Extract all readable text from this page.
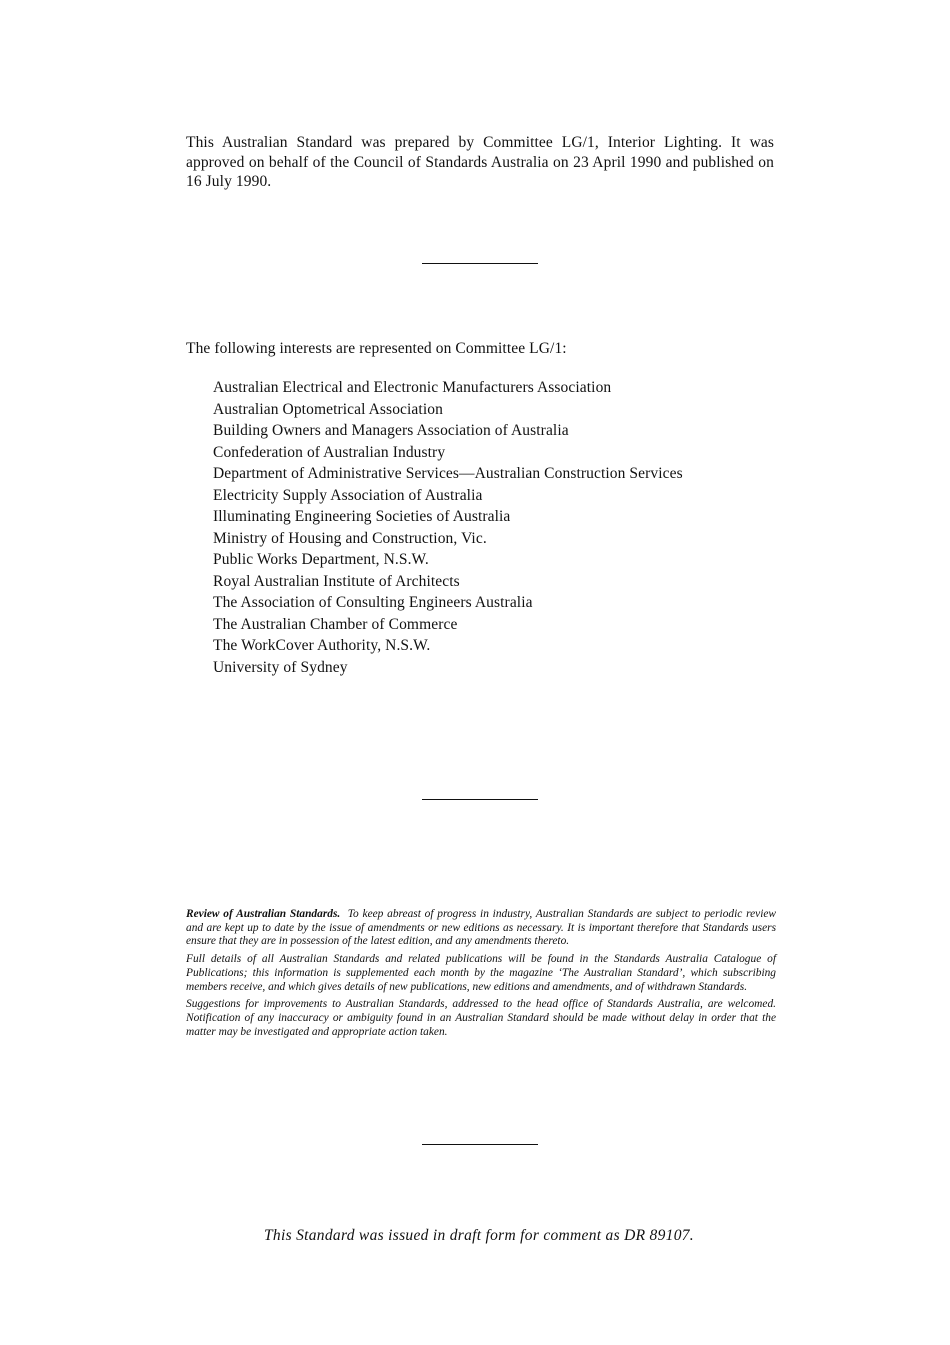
This Australian Standard was prepared by Committee LG/1, Interior Lighting. It was approved on behalf of the Council of Standards Australia on 23 April 1990 and published on 16 July 1990.

The following interests are represented on Committee LG/1:

Australian Electrical and Electronic Manufacturers Association
Australian Optometrical Association
Building Owners and Managers Association of Australia
Confederation of Australian Industry
Department of Administrative Services—Australian Construction Services
Electricity Supply Association of Australia
Illuminating Engineering Societies of Australia
Ministry of Housing and Construction, Vic.
Public Works Department, N.S.W.
Royal Australian Institute of Architects
The Association of Consulting Engineers Australia
The Australian Chamber of Commerce
The WorkCover Authority, N.S.W.
University of Sydney

Review of Australian Standards. To keep abreast of progress in industry, Australian Standards are subject to periodic review and are kept up to date by the issue of amendments or new editions as necessary. It is important therefore that Standards users ensure that they are in possession of the latest edition, and any amendments thereto.

Full details of all Australian Standards and related publications will be found in the Standards Australia Catalogue of Publications; this information is supplemented each month by the magazine ‘The Australian Standard’, which subscribing members receive, and which gives details of new publications, new editions and amendments, and of withdrawn Standards.

Suggestions for improvements to Australian Standards, addressed to the head office of Standards Australia, are welcomed. Notification of any inaccuracy or ambiguity found in an Australian Standard should be made without delay in order that the matter may be investigated and appropriate action taken.

This Standard was issued in draft form for comment as DR 89107.
